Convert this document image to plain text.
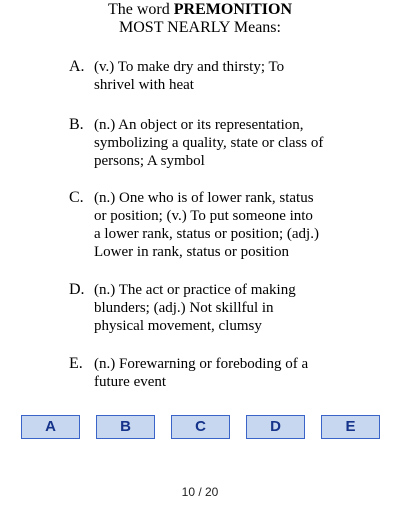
The word PREMONITION
MOST NEARLY Means:
A. (v.) To make dry and thirsty; To
shrivel with heat
B. (n.) An object or its representation,
symbolizing a quality, state or class of
persons; A symbol
C. (n.) One who is of lower rank, status
or position; (v.) To put someone into
a lower rank, status or position; (adj.)
Lower in rank, status or position
D. (n.) The act or practice of making
blunders; (adj.) Not skillful in
physical movement, clumsy
E. (n.) Forewarning or foreboding of a
future event
A	B	C	D	E
10 / 20
